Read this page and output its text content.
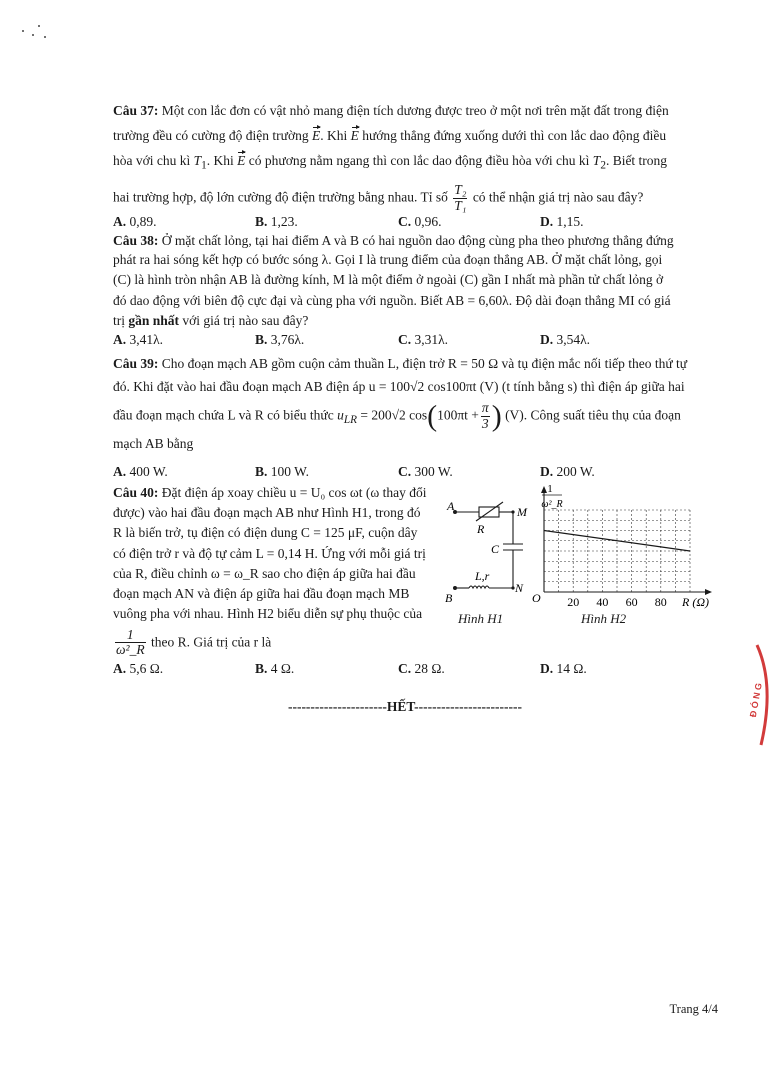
Câu 37: Một con lắc đơn có vật nhỏ mang điện tích dương được treo ở một nơi trên mặt đất trong điện

trường đều có cường độ điện trường E. Khi E hướng thẳng đứng xuống dưới thì con lắc dao động điều

hòa với chu kì $T_1$. Khi E có phương nằm ngang thì con lắc dao động điều hòa với chu kì $T_2$. Biết trong

hai trường hợp, độ lớn cường độ điện trường bằng nhau. Tỉ số $\frac{\text{T₂}}{\text{T₁}}$ có thể nhận giá trị nào sau đây?

A. 0,89.	B. 1,23.	C. 0,96.	D. 1,15.

Câu 38: Ở mặt chất lỏng, tại hai điểm A và B có hai nguồn dao động cùng pha theo phương thẳng đứng

phát ra hai sóng kết hợp có bước sóng λ. Gọi I là trung điểm của đoạn thẳng AB. Ở mặt chất lỏng, gọi

(C) là hình tròn nhận AB là đường kính, M là một điểm ở ngoài (C) gần I nhất mà phần tử chất lỏng ở

đó dao động với biên độ cực đại và cùng pha với nguồn. Biết AB = 6,60λ. Độ dài đoạn thẳng MI có giá

trị gần nhất với giá trị nào sau đây?

A. 3,41λ.	B. 3,76λ.	C. 3,31λ.	D. 3,54λ.

Câu 39: Cho đoạn mạch AB gồm cuộn cảm thuần L, điện trở R = 50 Ω và tụ điện mắc nối tiếp theo thứ tự

đó. Khi đặt vào hai đầu đoạn mạch AB điện áp u = 100√2 cos100πt (V) (t tính bằng s) thì điện áp giữa hai

đầu đoạn mạch chứa L và R có biểu thức $u_{LR} = 200√2$ $\cos(100\pi t + \frac{\pi}{3}$ ) (V). Công suất tiêu thụ của đoạn

mạch AB bằng

A. 400 W.	B. 100 W.	C. 300 W.	D. 200 W.

Câu 40: Đặt điện áp xoay chiều u = U₀ cos ωt (ω thay đổi

được) vào hai đầu đoạn mạch AB như Hình H1, trong đó

R là biến trở, tụ điện có điện dung C = 125 μF, cuộn dây

có điện trở r và độ tự cảm L = 0,14 H. Ứng với mỗi giá trị

của R, điều chỉnh ω = ω_R sao cho điện áp giữa hai đầu

đoạn mạch AN và điện áp giữa hai đầu đoạn mạch MB

vuông pha với nhau. Hình H2 biểu diễn sự phụ thuộc của

$\frac{1}{\text{ω²\_R}}$ theo R. Giá trị của r là

A. 5,6 Ω.	B. 4 Ω.	C. 28 Ω.	D. 14 Ω.
A
B
M
N
R
C
L,r
Hình H1
1
ω²_R
O 20 40 60 80 R (Ω)
Hình H2
----------------------HẾT------------------------	Đ Ó N G
Trang 4/4
